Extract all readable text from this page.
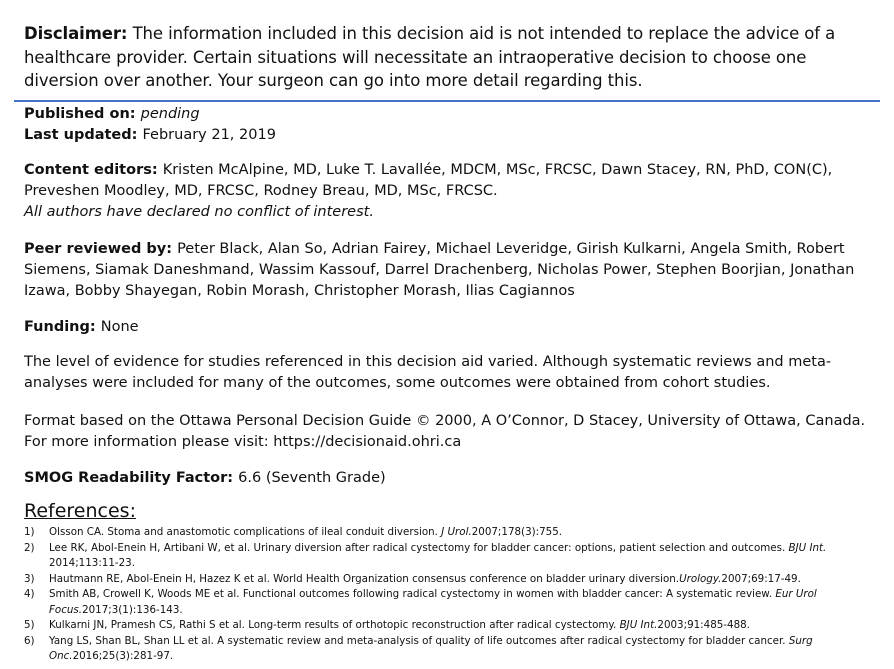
Disclaimer: The information included in this decision aid is not intended to replace the advice of a healthcare provider. Certain situations will necessitate an intraoperative decision to choose one diversion over another. Your surgeon can go into more detail regarding this.
Published on: pending
Last updated: February 21, 2019
Content editors: Kristen McAlpine, MD, Luke T. Lavallée, MDCM, MSc, FRCSC, Dawn Stacey, RN, PhD, CON(C), Preveshen Moodley, MD, FRCSC, Rodney Breau, MD, MSc, FRCSC.
All authors have declared no conflict of interest.
Peer reviewed by: Peter Black, Alan So, Adrian Fairey, Michael Leveridge, Girish Kulkarni, Angela Smith, Robert Siemens, Siamak Daneshmand, Wassim Kassouf, Darrel Drachenberg, Nicholas Power, Stephen Boorjian, Jonathan Izawa, Bobby Shayegan, Robin Morash, Christopher Morash, Ilias Cagiannos
Funding: None
The level of evidence for studies referenced in this decision aid varied. Although systematic reviews and meta-analyses were included for many of the outcomes, some outcomes were obtained from cohort studies.
Format based on the Ottawa Personal Decision Guide © 2000, A O’Connor, D Stacey, University of Ottawa, Canada.
For more information please visit: https://decisionaid.ohri.ca
SMOG Readability Factor: 6.6 (Seventh Grade)
References:
1) Olsson CA. Stoma and anastomotic complications of ileal conduit diversion. J Urol.2007;178(3):755.
2) Lee RK, Abol-Enein H, Artibani W, et al. Urinary diversion after radical cystectomy for bladder cancer: options, patient selection and outcomes. BJU Int. 2014;113:11-23.
3) Hautmann RE, Abol-Enein H, Hazez K et al. World Health Organization consensus conference on bladder urinary diversion.Urology.2007;69:17-49.
4) Smith AB, Crowell K, Woods ME et al. Functional outcomes following radical cystectomy in women with bladder cancer: A systematic review. Eur Urol Focus.2017;3(1):136-143.
5) Kulkarni JN, Pramesh CS, Rathi S et al. Long-term results of orthotopic reconstruction after radical cystectomy. BJU Int.2003;91:485-488.
6) Yang LS, Shan BL, Shan LL et al. A systematic review and meta-analysis of quality of life outcomes after radical cystectomy for bladder cancer. Surg Onc.2016;25(3):281-97.
